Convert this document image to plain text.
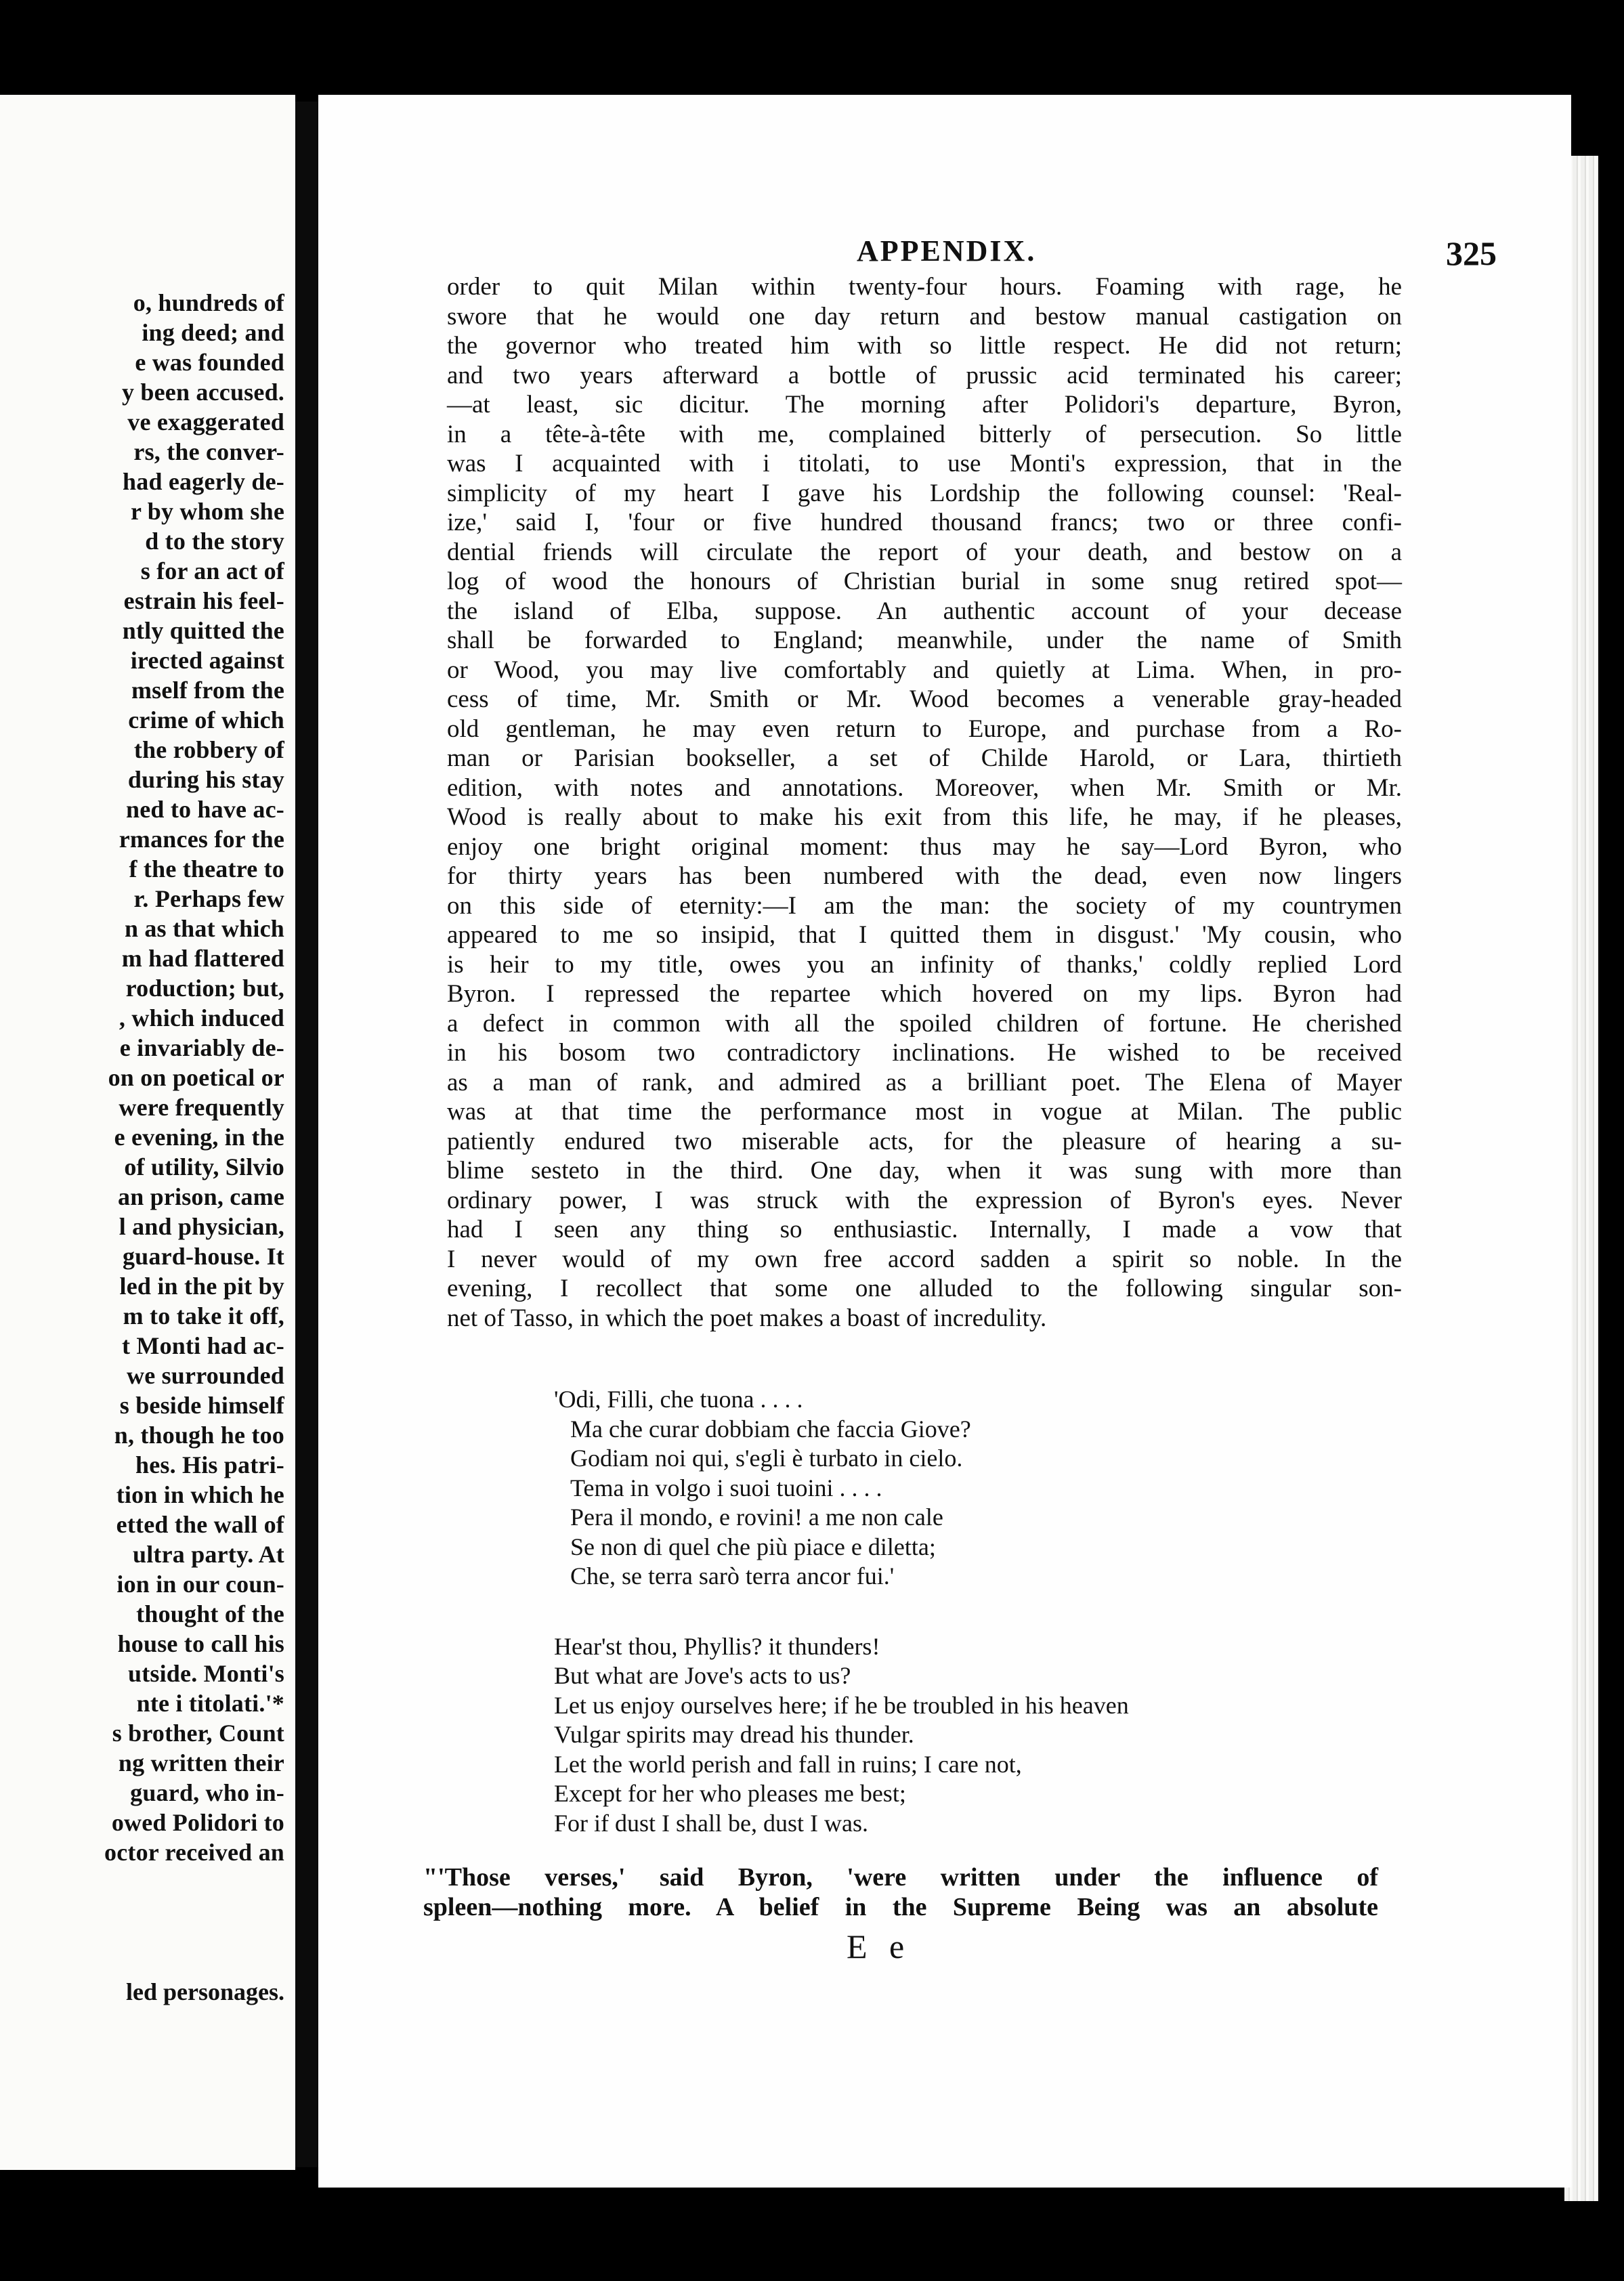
o, hundreds of
ing deed; and
e was founded
y been accused.
ve exaggerated
rs, the conver-
had eagerly de-
r by whom she
d to the story
s for an act of
estrain his feel-
ntly quitted the
irected against
mself from the
crime of which
the robbery of
during his stay
ned to have ac-
rmances for the
f the theatre to
r. Perhaps few
n as that which
m had flattered
roduction; but,
, which induced
e invariably de-
on on poetical or
were frequently
e evening, in the
of utility, Silvio
an prison, came
l and physician,
guard-house. It
led in the pit by
m to take it off,
t Monti had ac-
we surrounded
s beside himself
n, though he too
hes. His patri-
tion in which he
etted the wall of
ultra party. At
ion in our coun-
thought of the
house to call his
utside. Monti's
nte i titolati.'*
s brother, Count
ng written their
guard, who in-
owed Polidori to
octor received an
led personages.
APPENDIX.	325
order to quit Milan within twenty-four hours. Foaming with rage, he
swore that he would one day return and bestow manual castigation on
the governor who treated him with so little respect. He did not return;
and two years afterward a bottle of prussic acid terminated his career;
—at least, sic dicitur. The morning after Polidori's departure, Byron,
in a tête-à-tête with me, complained bitterly of persecution. So little
was I acquainted with i titolati, to use Monti's expression, that in the
simplicity of my heart I gave his Lordship the following counsel: 'Real-
ize,' said I, 'four or five hundred thousand francs; two or three confi-
dential friends will circulate the report of your death, and bestow on a
log of wood the honours of Christian burial in some snug retired spot—
the island of Elba, suppose. An authentic account of your decease
shall be forwarded to England; meanwhile, under the name of Smith
or Wood, you may live comfortably and quietly at Lima. When, in pro-
cess of time, Mr. Smith or Mr. Wood becomes a venerable gray-headed
old gentleman, he may even return to Europe, and purchase from a Ro-
man or Parisian bookseller, a set of Childe Harold, or Lara, thirtieth
edition, with notes and annotations. Moreover, when Mr. Smith or Mr.
Wood is really about to make his exit from this life, he may, if he pleases,
enjoy one bright original moment: thus may he say—Lord Byron, who
for thirty years has been numbered with the dead, even now lingers
on this side of eternity:—I am the man: the society of my countrymen
appeared to me so insipid, that I quitted them in disgust.' 'My cousin, who
is heir to my title, owes you an infinity of thanks,' coldly replied Lord
Byron. I repressed the repartee which hovered on my lips. Byron had
a defect in common with all the spoiled children of fortune. He cherished
in his bosom two contradictory inclinations. He wished to be received
as a man of rank, and admired as a brilliant poet. The Elena of Mayer
was at that time the performance most in vogue at Milan. The public
patiently endured two miserable acts, for the pleasure of hearing a su-
blime sesteto in the third. One day, when it was sung with more than
ordinary power, I was struck with the expression of Byron's eyes. Never
had I seen any thing so enthusiastic. Internally, I made a vow that
I never would of my own free accord sadden a spirit so noble. In the
evening, I recollect that some one alluded to the following singular son-
net of Tasso, in which the poet makes a boast of incredulity.
'Odi, Filli, che tuona . . . .
Ma che curar dobbiam che faccia Giove?
Godiam noi qui, s'egli è turbato in cielo.
Tema in volgo i suoi tuoini . . . .
Pera il mondo, e rovini! a me non cale
Se non di quel che più piace e diletta;
Che, se terra sarò terra ancor fui.'
Hear'st thou, Phyllis? it thunders!
But what are Jove's acts to us?
Let us enjoy ourselves here; if he be troubled in his heaven
Vulgar spirits may dread his thunder.
Let the world perish and fall in ruins; I care not,
Except for her who pleases me best;
For if dust I shall be, dust I was.
"'Those verses,' said Byron, 'were written under the influence of
spleen—nothing more. A belief in the Supreme Being was an absolute
E e
